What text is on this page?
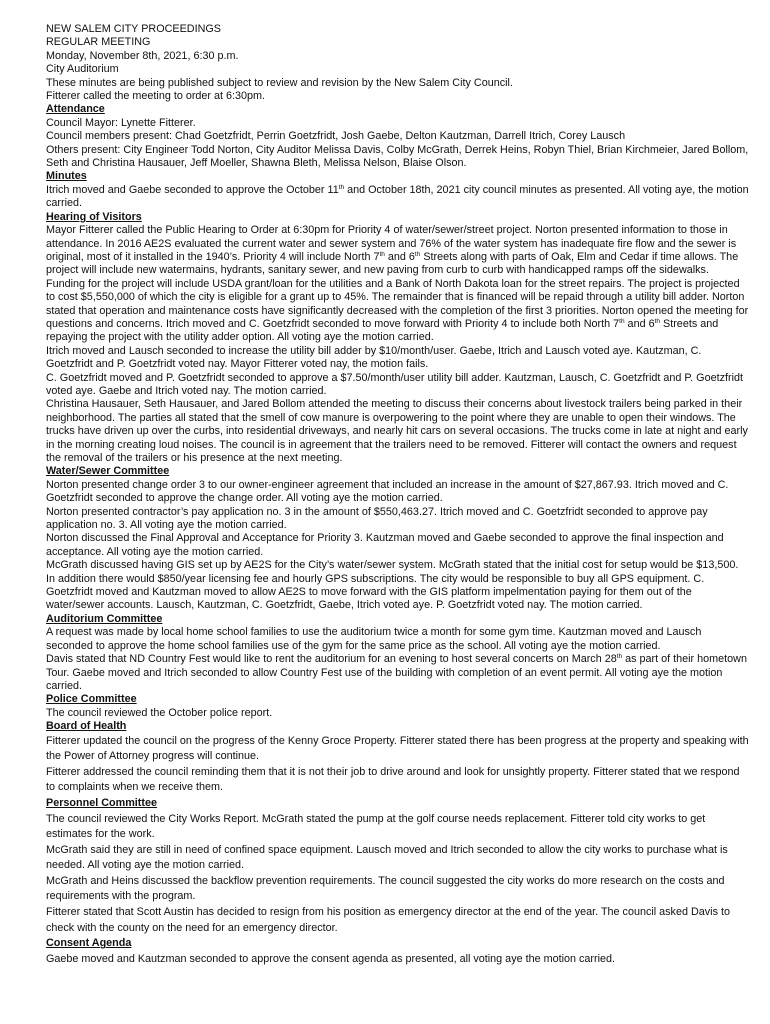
NEW SALEM CITY PROCEEDINGS

REGULAR MEETING

Monday, November 8th, 2021, 6:30 p.m.

City Auditorium

These minutes are being published subject to review and revision by the New Salem City Council.

Fitterer called the meeting to order at 6:30pm.

Attendance

Council Mayor: Lynette Fitterer.

Council members present: Chad Goetzfridt, Perrin Goetzfridt, Josh Gaebe, Delton Kautzman, Darrell Itrich, Corey Lausch

Others present: City Engineer Todd Norton, City Auditor Melissa Davis, Colby McGrath, Derrek Heins, Robyn Thiel, Brian Kirchmeier, Jared Bollom, Seth and Christina Hausauer, Jeff Moeller, Shawna Bleth, Melissa Nelson, Blaise Olson.

Minutes

Itrich moved and Gaebe seconded to approve the October 11th and October 18th, 2021 city council minutes as presented. All voting aye, the motion carried.

Hearing of Visitors

Mayor Fitterer called the Public Hearing to Order at 6:30pm for Priority 4 of water/sewer/street project. Norton presented information to those in attendance. In 2016 AE2S evaluated the current water and sewer system and 76% of the water system has inadequate fire flow and the sewer is original, most of it installed in the 1940’s. Priority 4 will include North 7th and 6th Streets along with parts of Oak, Elm and Cedar if time allows. The project will include new watermains, hydrants, sanitary sewer, and new paving from curb to curb with handicapped ramps off the sidewalks. Funding for the project will include USDA grant/loan for the utilities and a Bank of North Dakota loan for the street repairs. The project is projected to cost $5,550,000 of which the city is eligible for a grant up to 45%. The remainder that is financed will be repaid through a utility bill adder. Norton stated that operation and maintenance costs have significantly decreased with the completion of the first 3 priorities. Norton opened the meeting for questions and concerns. Itrich moved and C. Goetzfridt seconded to move forward with Priority 4 to include both North 7th and 6th Streets and repaying the project with the utility adder option. All voting aye the motion carried.

Itrich moved and Lausch seconded to increase the utility bill adder by $10/month/user. Gaebe, Itrich and Lausch voted aye. Kautzman, C. Goetzfridt and P. Goetzfridt voted nay. Mayor Fitterer voted nay, the motion fails.

C. Goetzfridt moved and P. Goetzfridt seconded to approve a $7.50/month/user utility bill adder. Kautzman, Lausch, C. Goetzfridt and P. Goetzfridt voted aye. Gaebe and Itrich voted nay. The motion carried.

Christina Hausauer, Seth Hausauer, and Jared Bollom attended the meeting to discuss their concerns about livestock trailers being parked in their neighborhood. The parties all stated that the smell of cow manure is overpowering to the point where they are unable to open their windows. The trucks have driven up over the curbs, into residential driveways, and nearly hit cars on several occasions. The trucks come in late at night and early in the morning creating loud noises. The council is in agreement that the trailers need to be removed. Fitterer will contact the owners and request the removal of the trailers or his presence at the next meeting.

Water/Sewer Committee

Norton presented change order 3 to our owner-engineer agreement that included an increase in the amount of $27,867.93. Itrich moved and C. Goetzfridt seconded to approve the change order. All voting aye the motion carried.

Norton presented contractor’s pay application no. 3 in the amount of $550,463.27. Itrich moved and C. Goetzfridt seconded to approve pay application no. 3. All voting aye the motion carried.

Norton discussed the Final Approval and Acceptance for Priority 3. Kautzman moved and Gaebe seconded to approve the final inspection and acceptance. All voting aye the motion carried.

McGrath discussed having GIS set up by AE2S for the City’s water/sewer system. McGrath stated that the initial cost for setup would be $13,500. In addition there would $850/year licensing fee and hourly GPS subscriptions. The city would be responsible to buy all GPS equipment. C. Goetzfridt moved and Kautzman moved to allow AE2S to move forward with the GIS platform impelmentation paying for them out of the water/sewer accounts. Lausch, Kautzman, C. Goetzfridt, Gaebe, Itrich voted aye. P. Goetzfridt voted nay. The motion carried.

Auditorium Committee

A request was made by local home school families to use the auditorium twice a month for some gym time. Kautzman moved and Lausch seconded to approve the home school families use of the gym for the same price as the school. All voting aye the motion carried.

Davis stated that ND Country Fest would like to rent the auditorium for an evening to host several concerts on March 28th as part of their hometown Tour. Gaebe moved and Itrich seconded to allow Country Fest use of the building with completion of an event permit. All voting aye the motion carried.

Police Committee

The council reviewed the October police report.

Board of Health

Fitterer updated the council on the progress of the Kenny Groce Property. Fitterer stated there has been progress at the property and speaking with the Power of Attorney progress will continue.

Fitterer addressed the council reminding them that it is not their job to drive around and look for unsightly property. Fitterer stated that we respond to complaints when we receive them.

Personnel Committee

The council reviewed the City Works Report. McGrath stated the pump at the golf course needs replacement. Fitterer told city works to get estimates for the work.

McGrath said they are still in need of confined space equipment. Lausch moved and Itrich seconded to allow the city works to purchase what is needed. All voting aye the motion carried.

McGrath and Heins discussed the backflow prevention requirements. The council suggested the city works do more research on the costs and requirements with the program.

Fitterer stated that Scott Austin has decided to resign from his position as emergency director at the end of the year. The council asked Davis to check with the county on the need for an emergency director.

Consent Agenda

Gaebe moved and Kautzman seconded to approve the consent agenda as presented, all voting aye the motion carried.
